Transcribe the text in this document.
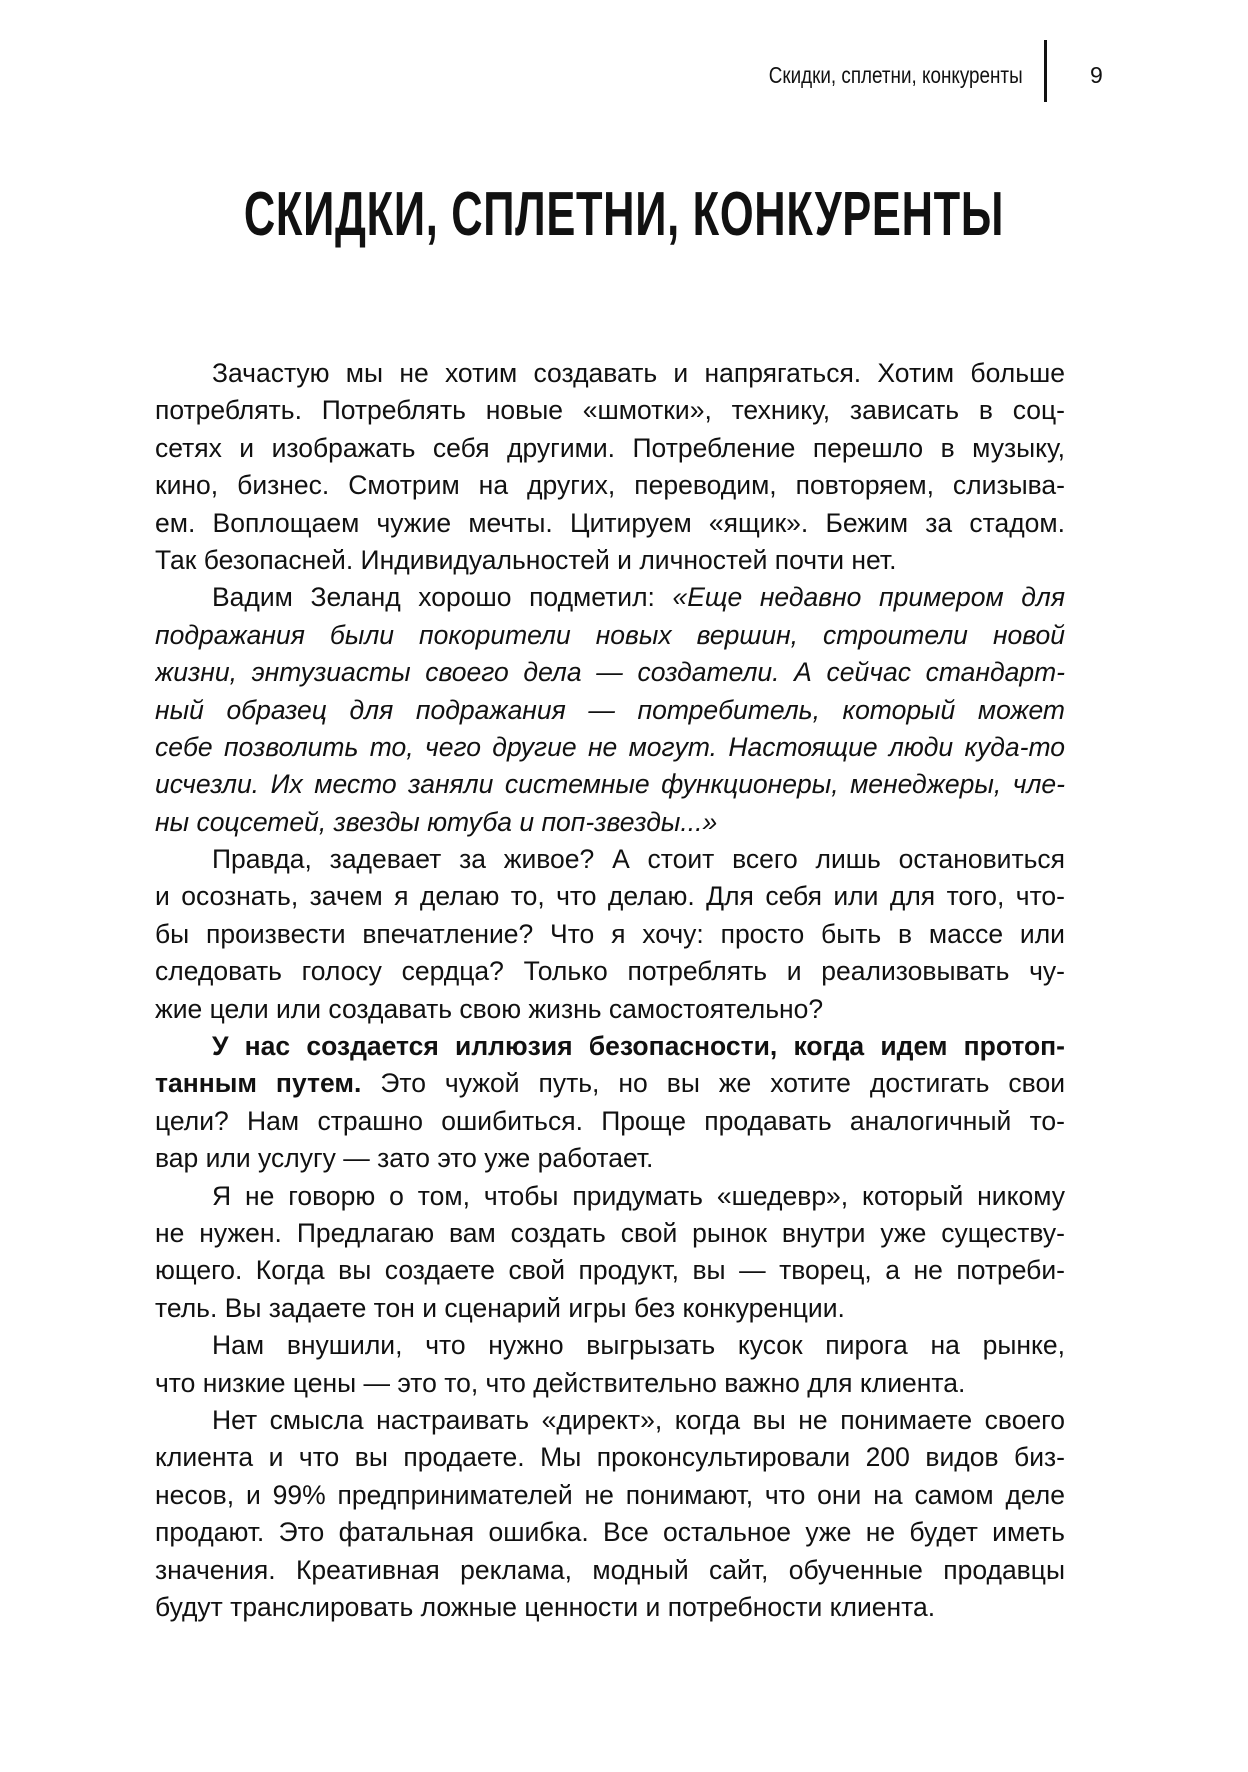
Скидки, сплетни, конкуренты	9
СКИДКИ, СПЛЕТНИ, КОНКУРЕНТЫ
Зачастую мы не хотим создавать и напрягаться. Хотим больше
потреблять. Потреблять новые «шмотки», технику, зависать в соц-
сетях и изображать себя другими. Потребление перешло в музыку,
кино, бизнес. Смотрим на других, переводим, повторяем, слизыва-
ем. Воплощаем чужие мечты. Цитируем «ящик». Бежим за стадом.
Так безопасней. Индивидуальностей и личностей почти нет.
Вадим Зеланд хорошо подметил: «Еще недавно примером для
подражания были покорители новых вершин, строители новой
жизни, энтузиасты своего дела — создатели. А сейчас стандарт-
ный образец для подражания — потребитель, который может
себе позволить то, чего другие не могут. Настоящие люди куда-то
исчезли. Их место заняли системные функционеры, менеджеры, чле-
ны соцсетей, звезды ютуба и поп-звезды...»
Правда, задевает за живое? А стоит всего лишь остановиться
и осознать, зачем я делаю то, что делаю. Для себя или для того, что-
бы произвести впечатление? Что я хочу: просто быть в массе или
следовать голосу сердца? Только потреблять и реализовывать чу-
жие цели или создавать свою жизнь самостоятельно?
У нас создается иллюзия безопасности, когда идем протоп-
танным путем. Это чужой путь, но вы же хотите достигать свои
цели? Нам страшно ошибиться. Проще продавать аналогичный то-
вар или услугу — зато это уже работает.
Я не говорю о том, чтобы придумать «шедевр», который никому
не нужен. Предлагаю вам создать свой рынок внутри уже существу-
ющего. Когда вы создаете свой продукт, вы — творец, а не потреби-
тель. Вы задаете тон и сценарий игры без конкуренции.
Нам внушили, что нужно выгрызать кусок пирога на рынке,
что низкие цены — это то, что действительно важно для клиента.
Нет смысла настраивать «директ», когда вы не понимаете своего
клиента и что вы продаете. Мы проконсультировали 200 видов биз-
несов, и 99% предпринимателей не понимают, что они на самом деле
продают. Это фатальная ошибка. Все остальное уже не будет иметь
значения. Креативная реклама, модный сайт, обученные продавцы
будут транслировать ложные ценности и потребности клиента.
